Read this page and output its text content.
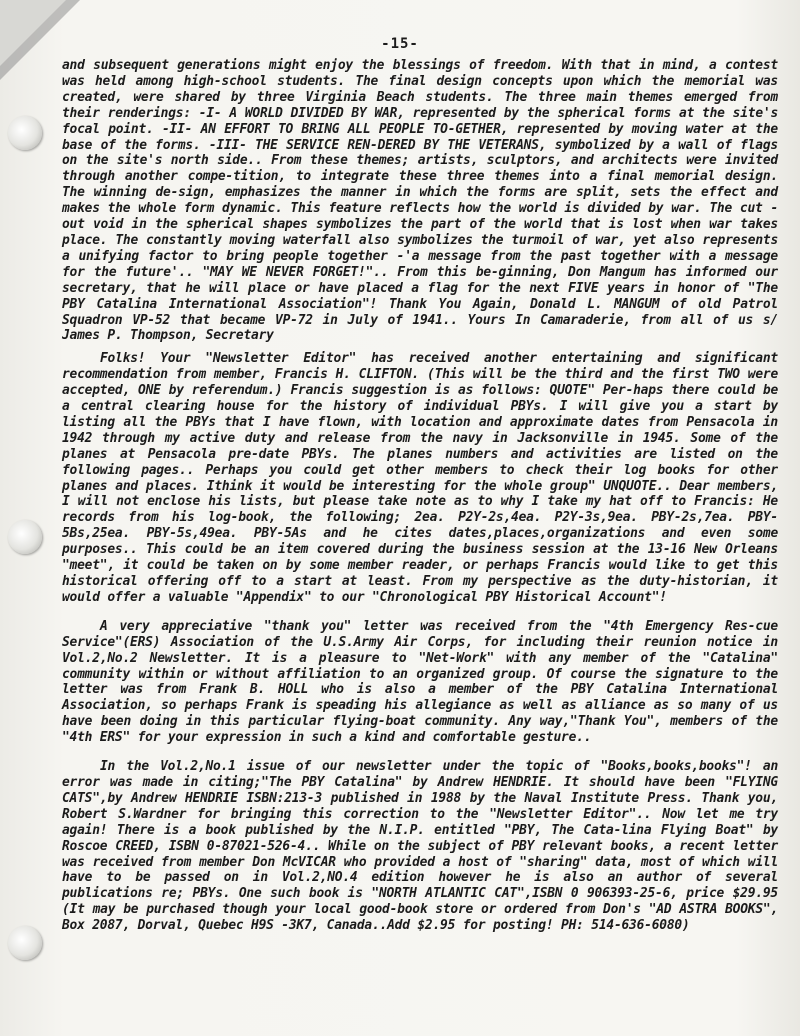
-15-

and subsequent generations might enjoy the blessings of freedom. With that in mind, a contest was held among high-school students. The final design concepts upon which the memorial was created, were shared by three Virginia Beach students. The three main themes emerged from their renderings: -I- A WORLD DIVIDED BY WAR, represented by the spherical forms at the site's focal point. -II- AN EFFORT TO BRING ALL PEOPLE TO-GETHER, represented by moving water at the base of the forms. -III- THE SERVICE REN-DERED BY THE VETERANS, symbolized by a wall of flags on the site's north side.. From these themes; artists, sculptors, and architects were invited through another compe-tition, to integrate these three themes into a final memorial design. The winning de-sign, emphasizes the manner in which the forms are split, sets the effect and makes the whole form dynamic. This feature reflects how the world is divided by war. The cut -out void in the spherical shapes symbolizes the part of the world that is lost when war takes place. The constantly moving waterfall also symbolizes the turmoil of war, yet also represents a unifying factor to bring people together -'a message from the past together with a message for the future'.. "MAY WE NEVER FORGET!".. From this be-ginning, Don Mangum has informed our secretary, that he will place or have placed a flag for the next FIVE years in honor of "The PBY Catalina International Association"! Thank You Again, Donald L. MANGUM of old Patrol Squadron VP-52 that became VP-72 in July of 1941.. Yours In Camaraderie, from all of us s/ James P. Thompson, Secretary

Folks! Your "Newsletter Editor" has received another entertaining and significant recommendation from member, Francis H. CLIFTON. (This will be the third and the first TWO were accepted, ONE by referendum.) Francis suggestion is as follows: QUOTE" Per-haps there could be a central clearing house for the history of individual PBYs. I will give you a start by listing all the PBYs that I have flown, with location and approximate dates from Pensacola in 1942 through my active duty and release from the navy in Jacksonville in 1945. Some of the planes at Pensacola pre-date PBYs. The planes numbers and activities are listed on the following pages.. Perhaps you could get other members to check their log books for other planes and places. Ithink it would be interesting for the whole group" UNQUOTE.. Dear members, I will not enclose his lists, but please take note as to why I take my hat off to Francis: He records from his log-book, the following; 2ea. P2Y-2s,4ea. P2Y-3s,9ea. PBY-2s,7ea. PBY-5Bs,25ea. PBY-5s,49ea. PBY-5As and he cites dates,places,organizations and even some purposes.. This could be an item covered during the business session at the 13-16 New Orleans "meet", it could be taken on by some member reader, or perhaps Francis would like to get this historical offering off to a start at least. From my perspective as the duty-historian, it would offer a valuable "Appendix" to our "Chronological PBY Historical Account"!

A very appreciative "thank you" letter was received from the "4th Emergency Res-cue Service"(ERS) Association of the U.S.Army Air Corps, for including their reunion notice in Vol.2,No.2 Newsletter. It is a pleasure to "Net-Work" with any member of the "Catalina" community within or without affiliation to an organized group. Of course the signature to the letter was from Frank B. HOLL who is also a member of the PBY Catalina International Association, so perhaps Frank is speading his allegiance as well as alliance as so many of us have been doing in this particular flying-boat community. Any way,"Thank You", members of the "4th ERS" for your expression in such a kind and comfortable gesture..

In the Vol.2,No.1 issue of our newsletter under the topic of "Books,books,books"! an error was made in citing;"The PBY Catalina" by Andrew HENDRIE. It should have been "FLYING CATS",by Andrew HENDRIE ISBN:213-3 published in 1988 by the Naval Institute Press. Thank you, Robert S.Wardner for bringing this correction to the "Newsletter Editor".. Now let me try again! There is a book published by the N.I.P. entitled "PBY, The Cata-lina Flying Boat" by Roscoe CREED, ISBN 0-87021-526-4.. While on the subject of PBY relevant books, a recent letter was received from member Don McVICAR who provided a host of "sharing" data, most of which will have to be passed on in Vol.2,NO.4 edition however he is also an author of several publications re; PBYs. One such book is "NORTH ATLANTIC CAT",ISBN 0 906393-25-6, price $29.95 (It may be purchased though your local good-book store or ordered from Don's "AD ASTRA BOOKS", Box 2087, Dorval, Quebec H9S -3K7, Canada..Add $2.95 for posting! PH: 514-636-6080)
